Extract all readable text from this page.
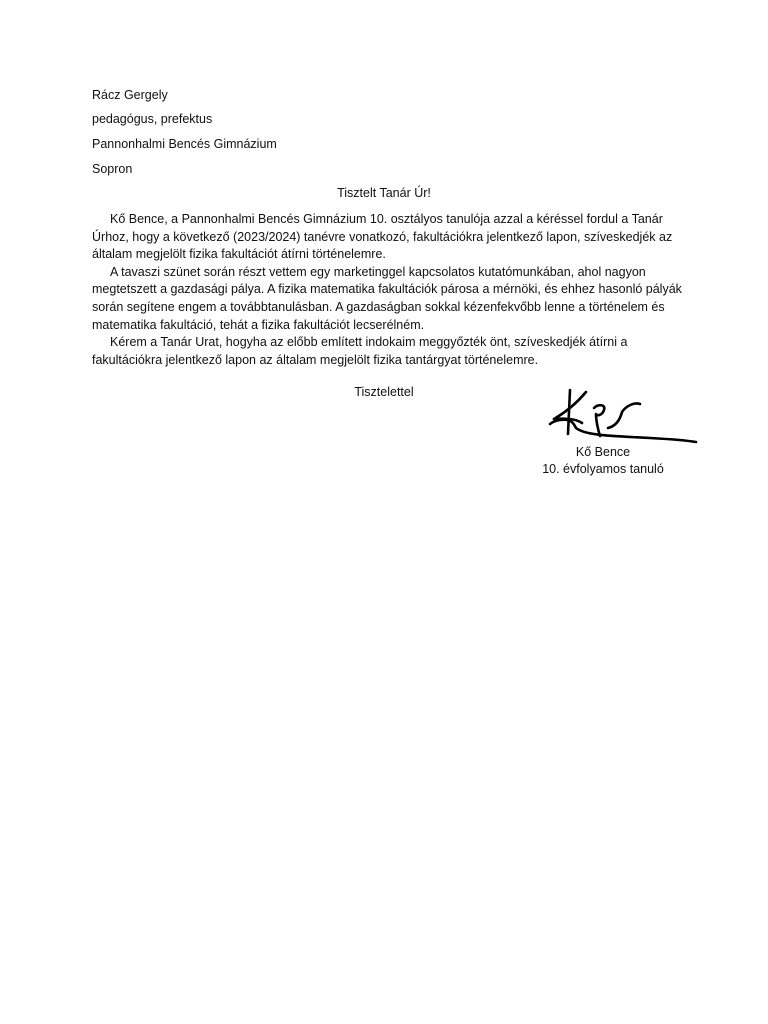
Rácz Gergely
pedagógus, prefektus
Pannonhalmi Bencés Gimnázium
Sopron
Tisztelt Tanár Úr!

Kő Bence, a Pannonhalmi Bencés Gimnázium 10. osztályos tanulója azzal a kéréssel fordul a Tanár Úrhoz, hogy a következő (2023/2024) tanévre vonatkozó, fakultációkra jelentkező lapon, szíveskedjék az általam megjelölt fizika fakultációt átírni történelemre.

A tavaszi szünet során részt vettem egy marketinggel kapcsolatos kutatómunkában, ahol nagyon megtetszett a gazdasági pálya. A fizika matematika fakultációk párosa a mérnöki, és ehhez hasonló pályák során segítene engem a továbbtanulásban. A gazdaságban sokkal kézenfekvőbb lenne a történelem és matematika fakultáció, tehát a fizika fakultációt lecserélném.

Kérem a Tanár Urat, hogyha az előbb említett indokaim meggyőzték önt, szíveskedjék átírni a fakultációkra jelentkező lapon az általam megjelölt fizika tantárgyat történelemre.

Tisztelettel
Kő Bence
10. évfolyamos tanuló
